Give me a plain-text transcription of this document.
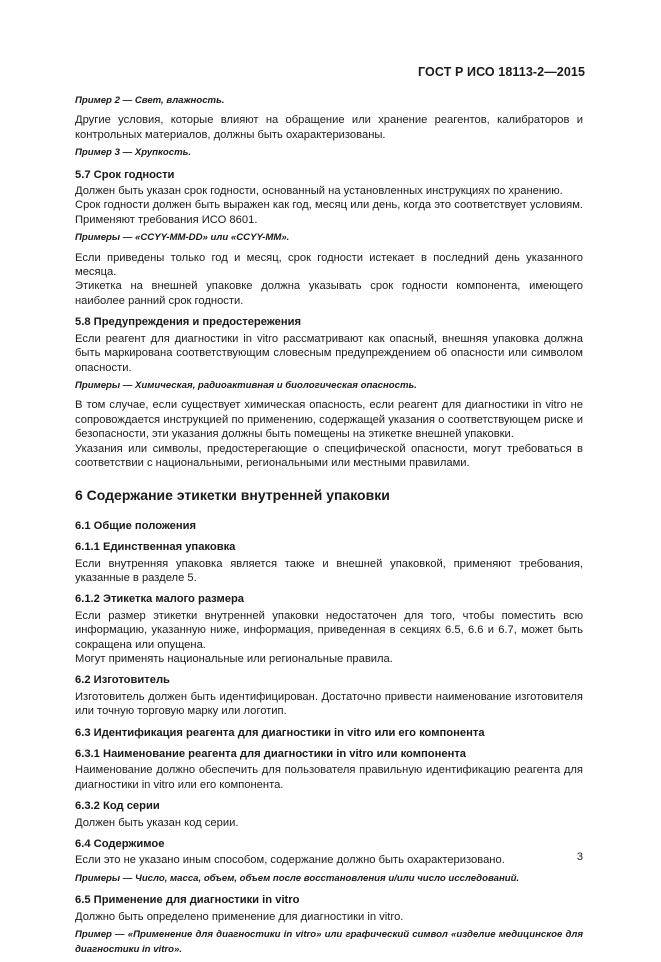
ГОСТ Р ИСО 18113-2—2015

Пример 2 — Свет, влажность.

Другие условия, которые влияют на обращение или хранение реагентов, калибраторов и контрольных материалов, должны быть охарактеризованы.

Пример 3 — Хрупкость.

5.7 Срок годности

Должен быть указан срок годности, основанный на установленных инструкциях по хранению.

Срок годности должен быть выражен как год, месяц или день, когда это соответствует условиям. Применяют требования ИСО 8601.

Примеры — «CCYY-MM-DD» или «CCYY-MM».

Если приведены только год и месяц, срок годности истекает в последний день указанного месяца.

Этикетка на внешней упаковке должна указывать срок годности компонента, имеющего наиболее ранний срок годности.

5.8 Предупреждения и предостережения

Если реагент для диагностики in vitro рассматривают как опасный, внешняя упаковка должна быть маркирована соответствующим словесным предупреждением об опасности или символом опасности.

Примеры — Химическая, радиоактивная и биологическая опасность.

В том случае, если существует химическая опасность, если реагент для диагностики in vitro не сопровождается инструкцией по применению, содержащей указания о соответствующем риске и безопасности, эти указания должны быть помещены на этикетке внешней упаковки.

Указания или символы, предостерегающие о специфической опасности, могут требоваться в соответствии с национальными, региональными или местными правилами.

6 Содержание этикетки внутренней упаковки

6.1 Общие положения

6.1.1 Единственная упаковка

Если внутренняя упаковка является также и внешней упаковкой, применяют требования, указанные в разделе 5.

6.1.2 Этикетка малого размера

Если размер этикетки внутренней упаковки недостаточен для того, чтобы поместить всю информацию, указанную ниже, информация, приведенная в секциях 6.5, 6.6 и 6.7, может быть сокращена или опущена.

Могут применять национальные или региональные правила.

6.2 Изготовитель

Изготовитель должен быть идентифицирован. Достаточно привести наименование изготовителя или точную торговую марку или логотип.

6.3 Идентификация реагента для диагностики in vitro или его компонента

6.3.1 Наименование реагента для диагностики in vitro или компонента

Наименование должно обеспечить для пользователя правильную идентификацию реагента для диагностики in vitro или его компонента.

6.3.2 Код серии

Должен быть указан код серии.

6.4 Содержимое

Если это не указано иным способом, содержание должно быть охарактеризовано.

Примеры — Число, масса, объем, объем после восстановления и/или число исследований.

6.5 Применение для диагностики in vitro

Должно быть определено применение для диагностики in vitro.

Пример — «Применение для диагностики in vitro» или графический символ «изделие медицинское для диагностики in vitro».

3
